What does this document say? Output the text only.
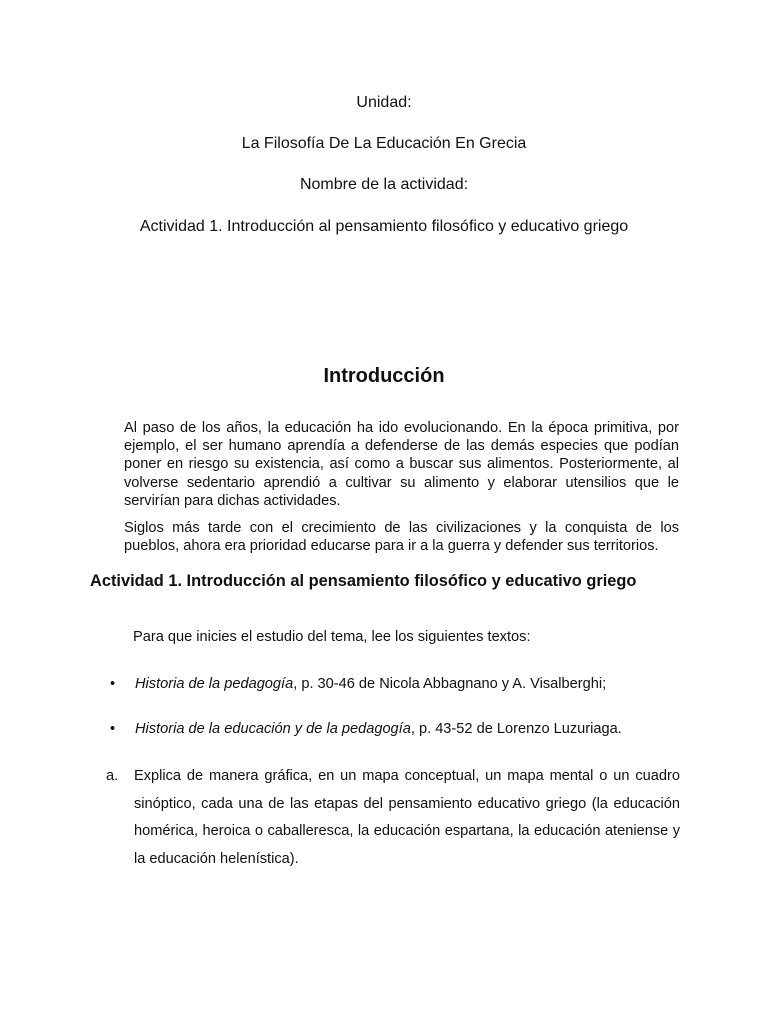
Unidad:
La Filosofía De La Educación En Grecia
Nombre de la actividad:
Actividad 1. Introducción al pensamiento filosófico y educativo griego
Introducción
Al paso de los años, la educación ha ido evolucionando. En la época primitiva, por ejemplo, el ser humano aprendía a defenderse de las demás especies que podían poner en riesgo su existencia, así como a buscar sus alimentos. Posteriormente, al volverse sedentario aprendió a cultivar su alimento y elaborar utensilios que le servirían para dichas actividades.
Siglos más tarde con el crecimiento de las civilizaciones y la conquista de los pueblos, ahora era prioridad educarse para ir a la guerra y defender sus territorios.
Actividad 1. Introducción al pensamiento filosófico y educativo griego
Para que inicies el estudio del tema, lee los siguientes textos:
•	Historia de la pedagogía, p. 30-46 de Nicola Abbagnano y A. Visalberghi;
•	Historia de la educación y de la pedagogía, p. 43-52 de Lorenzo Luzuriaga.
a. Explica de manera gráfica, en un mapa conceptual, un mapa mental o un cuadro sinóptico, cada una de las etapas del pensamiento educativo griego (la educación homérica, heroica o caballeresca, la educación espartana, la educación ateniense y la educación helenística).
